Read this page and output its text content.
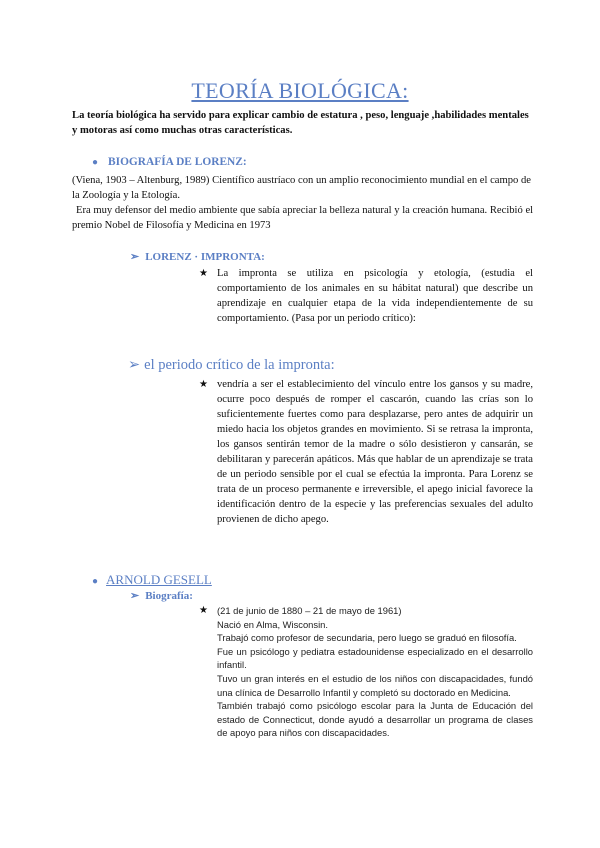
TEORÍA BIOLÓGICA:
La teoría biológica ha servido para explicar cambio de estatura , peso, lenguaje ,habilidades mentales y motoras así como muchas otras características.
● BIOGRAFÍA DE LORENZ:
(Viena, 1903 – Altenburg, 1989) Científico austríaco con un amplio reconocimiento mundial en el campo de la Zoología y la Etología.
Era muy defensor del medio ambiente que sabía apreciar la belleza natural y la creación humana. Recibió el premio Nobel de Filosofía y Medicina en 1973
➢ LORENZ · IMPRONTA:
★ La impronta se utiliza en psicología y etología, (estudia el comportamiento de los animales en su hábitat natural) que describe un aprendizaje en cualquier etapa de la vida independientemente de su comportamiento. (Pasa por un periodo crítico):
➢ el periodo crítico de la impronta:
★ vendría a ser el establecimiento del vínculo entre los gansos y su madre, ocurre poco después de romper el cascarón, cuando las crías son lo suficientemente fuertes como para desplazarse, pero antes de adquirir un miedo hacia los objetos grandes en movimiento. Si se retrasa la impronta, los gansos sentirán temor de la madre o sólo desistieron y cansarán, se debilitaran y parecerán apáticos. Más que hablar de un aprendizaje se trata de un periodo sensible por el cual se efectúa la impronta. Para Lorenz se trata de un proceso permanente e irreversible, el apego inicial favorece la identificación dentro de la especie y las preferencias sexuales del adulto provienen de dicho apego.
● ARNOLD GESELL
➢ Biografía:
★ (21 de junio de 1880 – 21 de mayo de 1961)
Nació en Alma, Wisconsin.
Trabajó como profesor de secundaria, pero luego se graduó en filosofía.
Fue un psicólogo y pediatra estadounidense especializado en el desarrollo infantil.
Tuvo un gran interés en el estudio de los niños con discapacidades, fundó una clínica de Desarrollo Infantil y completó su doctorado en Medicina.
También trabajó como psicólogo escolar para la Junta de Educación del estado de Connecticut, donde ayudó a desarrollar un programa de clases de apoyo para niños con discapacidades.
